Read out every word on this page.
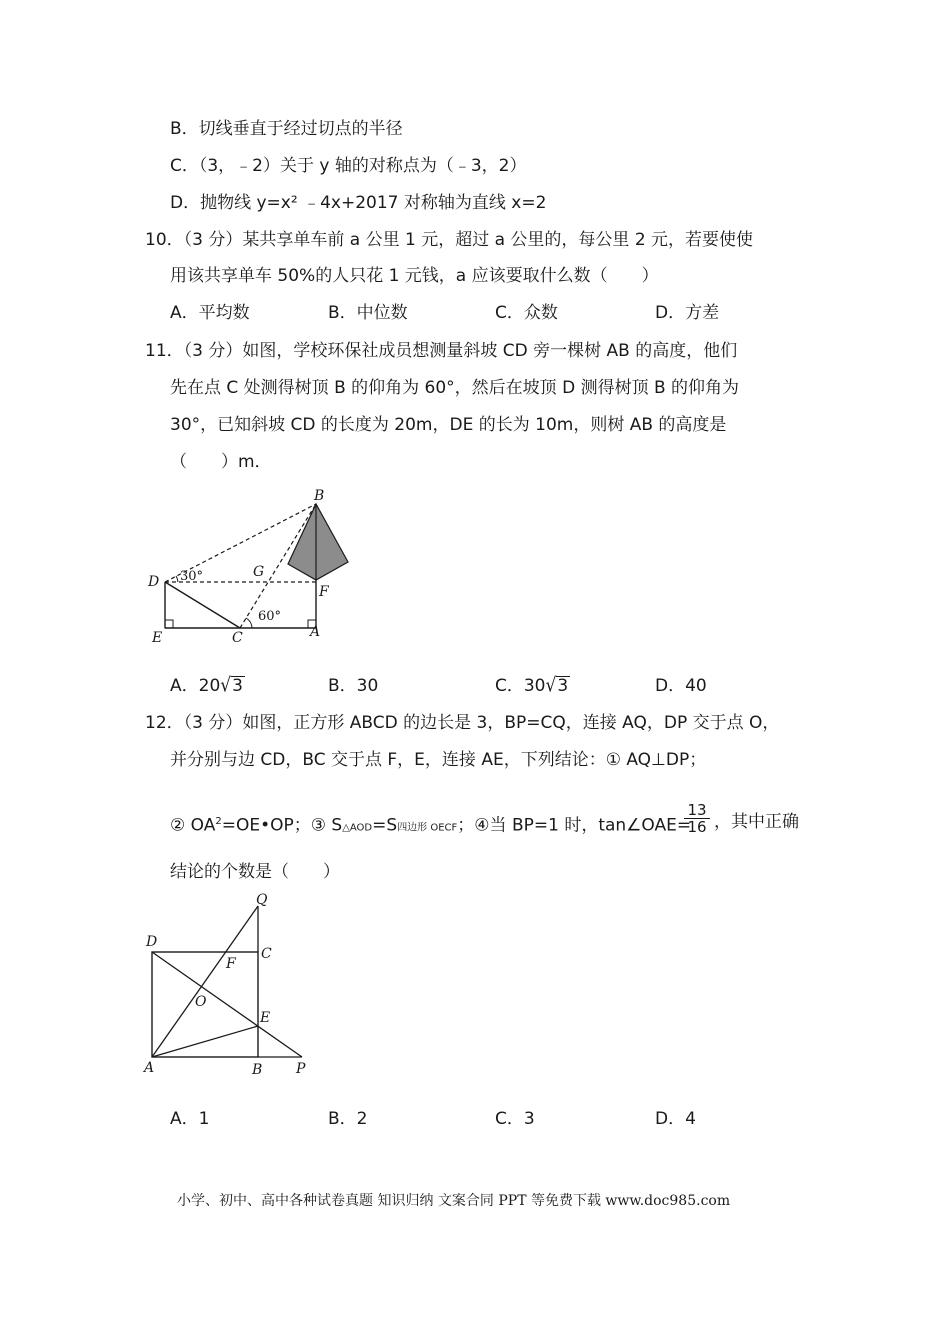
B．切线垂直于经过切点的半径
C．（3，﹣2）关于 y 轴的对称点为（﹣3，2）
D．抛物线 y=x² ﹣4x+2017 对称轴为直线 x=2
10．（3 分）某共享单车前 a 公里 1 元，超过 a 公里的，每公里 2 元，若要使使
用该共享单车 50%的人只花 1 元钱，a 应该要取什么数（　　）
A．平均数	B．中位数	C．众数	D．方差
11．（3 分）如图，学校环保社成员想测量斜坡 CD 旁一棵树 AB 的高度，他们
先在点 C 处测得树顶 B 的仰角为 60°，然后在坡顶 D 测得树顶 B 的仰角为
30°，已知斜坡 CD 的长度为 20m，DE 的长为 10m，则树 AB 的高度是
（　　）m．
B
D
G
F
E	C	A
30°
60°
A．20√3	B．30	C．30√3	D．40
12．（3 分）如图，正方形 ABCD 的边长是 3，BP=CQ，连接 AQ，DP 交于点 O，
并分别与边 CD，BC 交于点 F，E，连接 AE，下列结论：① AQ⊥DP；
② $OA^2=OE•OP$；③ S△AOD=S四边形 OECF；④当 BP=1 时，tan∠OAE=
13
16 ，其中正确
结论的个数是（　　）
Q
D
C
F
O
E
A	B P
A．1	B．2	C．3	D．4
小学、初中、高中各种试卷真题 知识归纳 文案合同 PPT 等免费下载 www.doc985.com
